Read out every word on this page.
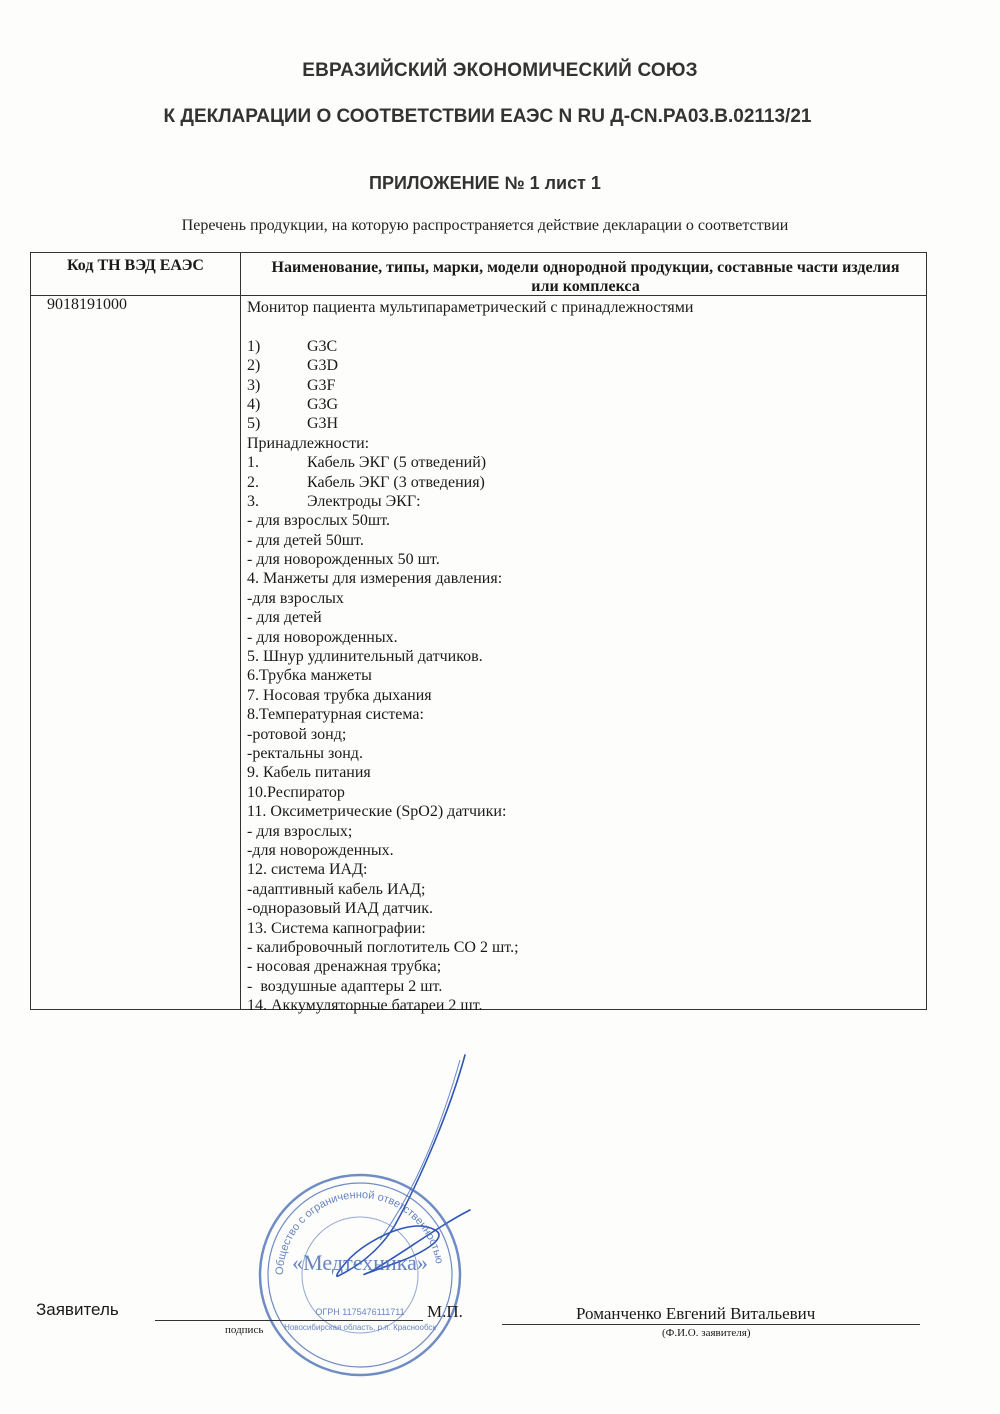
ЕВРАЗИЙСКИЙ ЭКОНОМИЧЕСКИЙ СОЮЗ
К ДЕКЛАРАЦИИ О СООТВЕТСТВИИ ЕАЭС N RU Д-CN.PA03.B.02113/21
ПРИЛОЖЕНИЕ № 1 лист 1
Перечень продукции, на которую распространяется действие декларации о соответствии
Код ТН ВЭД ЕАЭС	Наименование, типы, марки, модели однородной продукции, составные части изделия
или комплекса
9018191000	Монитор пациента мультипараметрический с принадлежностями
1)	G3C
2)	G3D
3)	G3F
4)	G3G
5)	G3H
Принадлежности:
1.	Кабель ЭКГ (5 отведений)
2.	Кабель ЭКГ (3 отведения)
3.	Электроды ЭКГ:
- для взрослых 50шт.
- для детей 50шт.
- для новорожденных 50 шт.
4. Манжеты для измерения давления:
-для взрослых
- для детей
- для новорожденных.
5. Шнур удлинительный датчиков.
6.Трубка манжеты
7. Носовая трубка дыхания
8.Температурная система:
-ротовой зонд;
-ректальны зонд.
9. Кабель питания
10.Респиратор
11. Оксиметрические (SpO2) датчики:
- для взрослых;
-для новорожденных.
12. система ИАД:
-адаптивный кабель ИАД;
-одноразовый ИАД датчик.
13. Система капнографии:
- калибровочный поглотитель СО 2 шт.;
- носовая дренажная трубка;
-  воздушные адаптеры 2 шт.
14. Аккумуляторные батареи 2 шт.
Общество с ограниченной ответственностью
«Медтехника»
ОГРН 1175476111711
Новосибирская область, р.п. Краснообск
Заявитель
подпись
М.П.	Романченко Евгений Витальевич
(Ф.И.О. заявителя)
